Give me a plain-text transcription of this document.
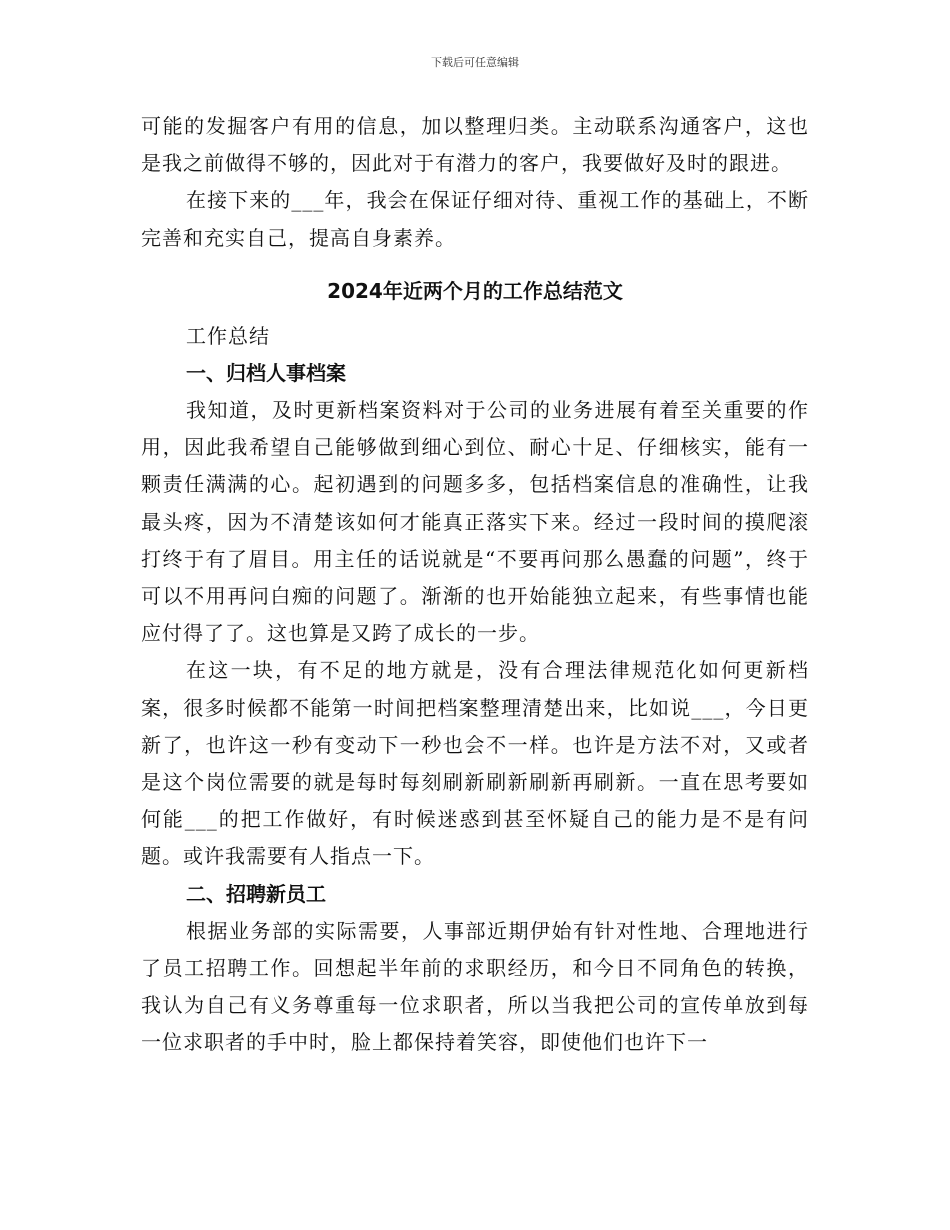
下载后可任意编辑

可能的发掘客户有用的信息，加以整理归类。主动联系沟通客户，这也是我之前做得不够的，因此对于有潜力的客户，我要做好及时的跟进。

在接下来的___年，我会在保证仔细对待、重视工作的基础上，不断完善和充实自己，提高自身素养。

2024年近两个月的工作总结范文

工作总结

一、归档人事档案

我知道，及时更新档案资料对于公司的业务进展有着至关重要的作用，因此我希望自己能够做到细心到位、耐心十足、仔细核实，能有一颗责任满满的心。起初遇到的问题多多，包括档案信息的准确性，让我最头疼，因为不清楚该如何才能真正落实下来。经过一段时间的摸爬滚打终于有了眉目。用主任的话说就是“不要再问那么愚蠢的问题”，终于可以不用再问白痴的问题了。渐渐的也开始能独立起来，有些事情也能应付得了了。这也算是又跨了成长的一步。

在这一块，有不足的地方就是，没有合理法律规范化如何更新档案，很多时候都不能第一时间把档案整理清楚出来，比如说___，今日更新了，也许这一秒有变动下一秒也会不一样。也许是方法不对，又或者是这个岗位需要的就是每时每刻刷新刷新刷新再刷新。一直在思考要如何能___的把工作做好，有时候迷惑到甚至怀疑自己的能力是不是有问题。或许我需要有人指点一下。

二、招聘新员工

根据业务部的实际需要，人事部近期伊始有针对性地、合理地进行了员工招聘工作。回想起半年前的求职经历，和今日不同角色的转换，我认为自己有义务尊重每一位求职者，所以当我把公司的宣传单放到每一位求职者的手中时，脸上都保持着笑容，即使他们也许下一
